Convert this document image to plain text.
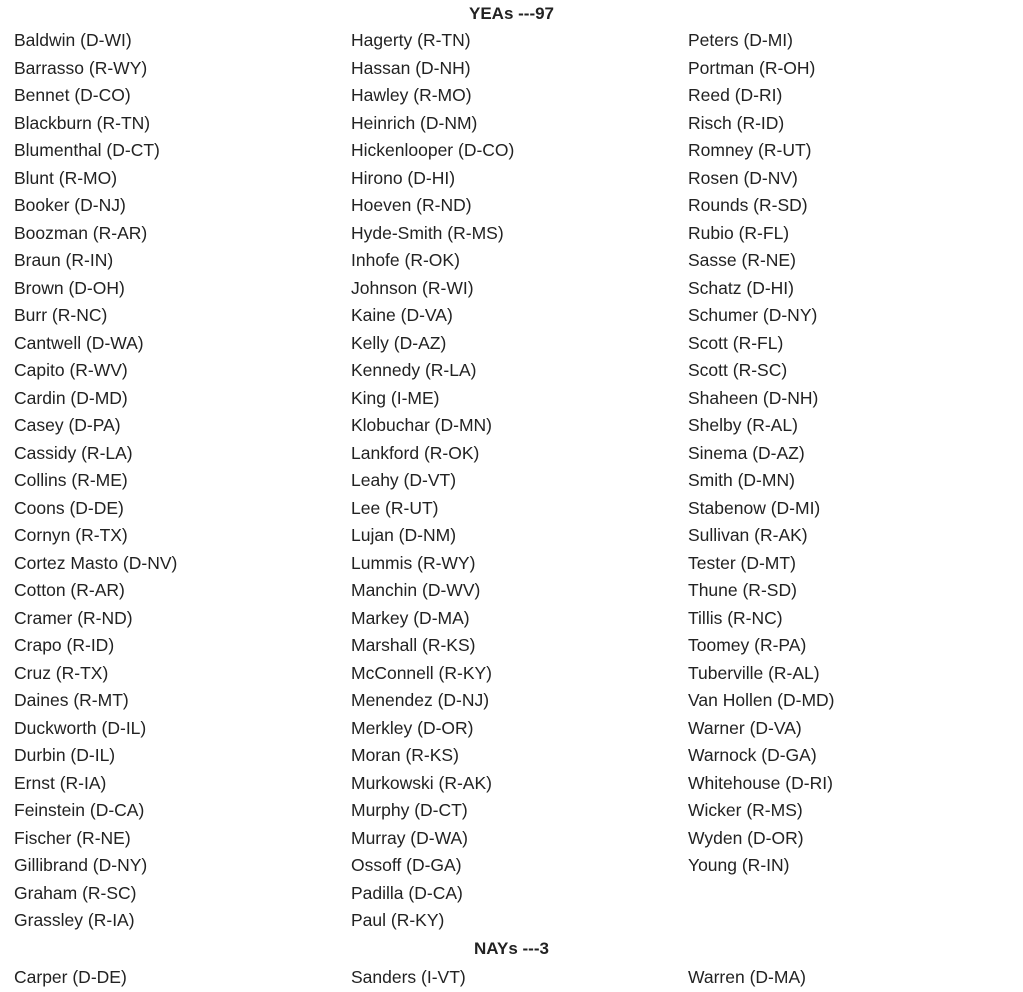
YEAs ---97
Baldwin (D-WI)	Hagerty (R-TN)	Peters (D-MI)
Barrasso (R-WY)	Hassan (D-NH)	Portman (R-OH)
Bennet (D-CO)	Hawley (R-MO)	Reed (D-RI)
Blackburn (R-TN)	Heinrich (D-NM)	Risch (R-ID)
Blumenthal (D-CT)	Hickenlooper (D-CO)	Romney (R-UT)
Blunt (R-MO)	Hirono (D-HI)	Rosen (D-NV)
Booker (D-NJ)	Hoeven (R-ND)	Rounds (R-SD)
Boozman (R-AR)	Hyde-Smith (R-MS)	Rubio (R-FL)
Braun (R-IN)	Inhofe (R-OK)	Sasse (R-NE)
Brown (D-OH)	Johnson (R-WI)	Schatz (D-HI)
Burr (R-NC)	Kaine (D-VA)	Schumer (D-NY)
Cantwell (D-WA)	Kelly (D-AZ)	Scott (R-FL)
Capito (R-WV)	Kennedy (R-LA)	Scott (R-SC)
Cardin (D-MD)	King (I-ME)	Shaheen (D-NH)
Casey (D-PA)	Klobuchar (D-MN)	Shelby (R-AL)
Cassidy (R-LA)	Lankford (R-OK)	Sinema (D-AZ)
Collins (R-ME)	Leahy (D-VT)	Smith (D-MN)
Coons (D-DE)	Lee (R-UT)	Stabenow (D-MI)
Cornyn (R-TX)	Lujan (D-NM)	Sullivan (R-AK)
Cortez Masto (D-NV)	Lummis (R-WY)	Tester (D-MT)
Cotton (R-AR)	Manchin (D-WV)	Thune (R-SD)
Cramer (R-ND)	Markey (D-MA)	Tillis (R-NC)
Crapo (R-ID)	Marshall (R-KS)	Toomey (R-PA)
Cruz (R-TX)	McConnell (R-KY)	Tuberville (R-AL)
Daines (R-MT)	Menendez (D-NJ)	Van Hollen (D-MD)
Duckworth (D-IL)	Merkley (D-OR)	Warner (D-VA)
Durbin (D-IL)	Moran (R-KS)	Warnock (D-GA)
Ernst (R-IA)	Murkowski (R-AK)	Whitehouse (D-RI)
Feinstein (D-CA)	Murphy (D-CT)	Wicker (R-MS)
Fischer (R-NE)	Murray (D-WA)	Wyden (D-OR)
Gillibrand (D-NY)	Ossoff (D-GA)	Young (R-IN)
Graham (R-SC)	Padilla (D-CA)
Grassley (R-IA)	Paul (R-KY)
NAYs ---3
Carper (D-DE)	Sanders (I-VT)	Warren (D-MA)
